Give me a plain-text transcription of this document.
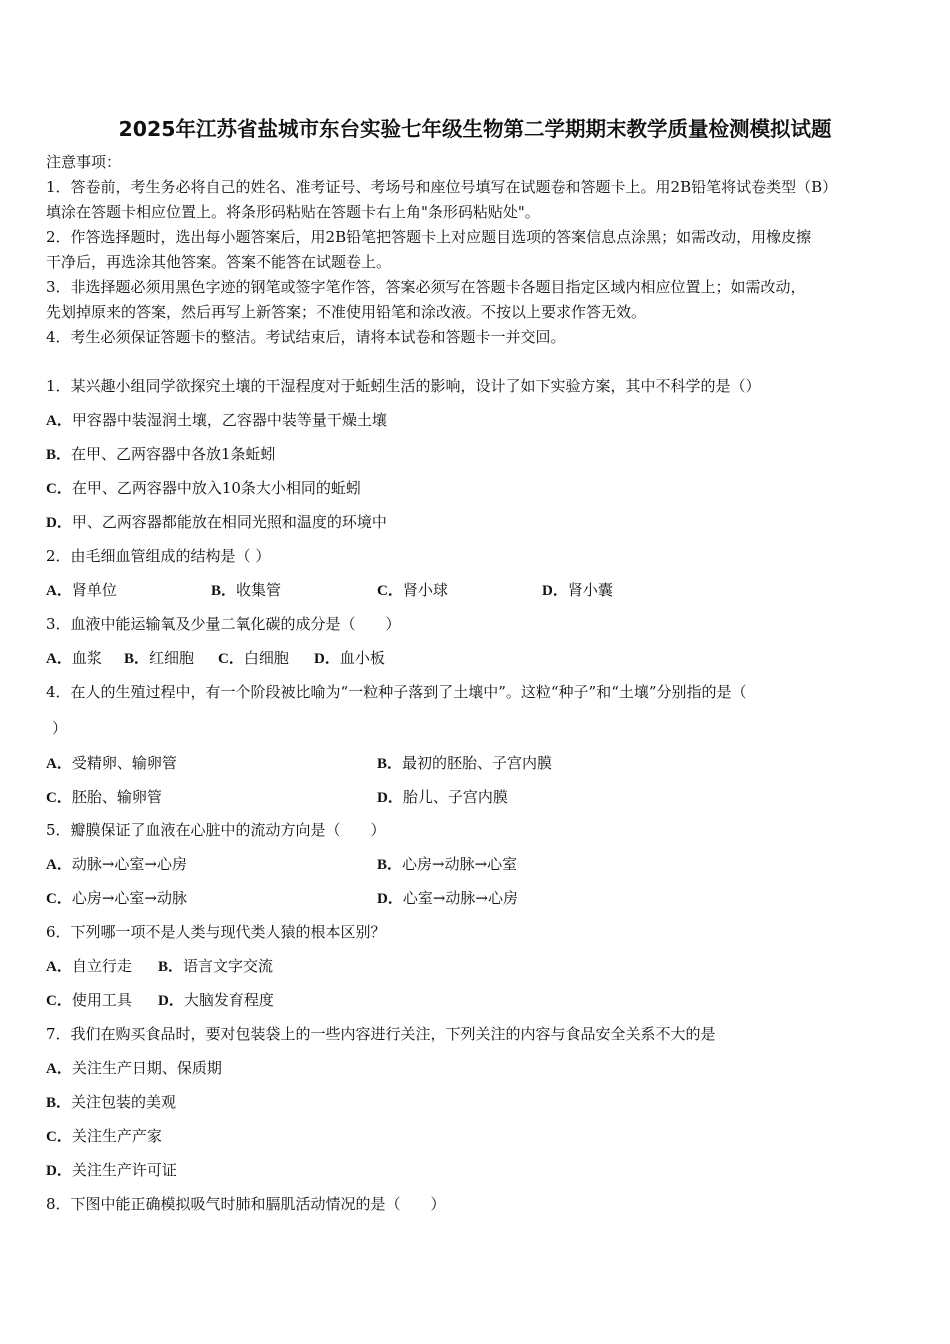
2025年江苏省盐城市东台实验七年级生物第二学期期末教学质量检测模拟试题
注意事项：
1．答卷前，考生务必将自己的姓名、准考证号、考场号和座位号填写在试题卷和答题卡上。用2B铅笔将试卷类型（B）
填涂在答题卡相应位置上。将条形码粘贴在答题卡右上角"条形码粘贴处"。
2．作答选择题时，选出每小题答案后，用2B铅笔把答题卡上对应题目选项的答案信息点涂黑；如需改动，用橡皮擦
干净后，再选涂其他答案。答案不能答在试题卷上。
3．非选择题必须用黑色字迹的钢笔或签字笔作答，答案必须写在答题卡各题目指定区域内相应位置上；如需改动，
先划掉原来的答案，然后再写上新答案；不准使用铅笔和涂改液。不按以上要求作答无效。
4．考生必须保证答题卡的整洁。考试结束后，请将本试卷和答题卡一并交回。
1．某兴趣小组同学欲探究土壤的干湿程度对于蚯蚓生活的影响，设计了如下实验方案，其中不科学的是（）
A．甲容器中装湿润土壤，乙容器中装等量干燥土壤
B．在甲、乙两容器中各放1条蚯蚓
C．在甲、乙两容器中放入10条大小相同的蚯蚓
D．甲、乙两容器都能放在相同光照和温度的环境中
2．由毛细血管组成的结构是（ ）
A．肾单位	B．收集管	C．肾小球	D．肾小囊
3．血液中能运输氧及少量二氧化碳的成分是（　　）
A．血浆 B．红细胞 C．白细胞 D．血小板
4．在人的生殖过程中，有一个阶段被比喻为“一粒种子落到了土壤中”。这粒“种子”和“土壤”分别指的是（
）
A．受精卵、输卵管	B．最初的胚胎、子宫内膜
C．胚胎、输卵管	D．胎儿、子宫内膜
5．瓣膜保证了血液在心脏中的流动方向是（　　）
A．动脉→心室→心房	B．心房→动脉→心室
C．心房→心室→动脉	D．心室→动脉→心房
6．下列哪一项不是人类与现代类人猿的根本区别？
A．自立行走 B．语言文字交流
C．使用工具 D．大脑发育程度
7．我们在购买食品时，要对包装袋上的一些内容进行关注，下列关注的内容与食品安全关系不大的是
A．关注生产日期、保质期
B．关注包装的美观
C．关注生产产家
D．关注生产许可证
8．下图中能正确模拟吸气时肺和膈肌活动情况的是（　　）
